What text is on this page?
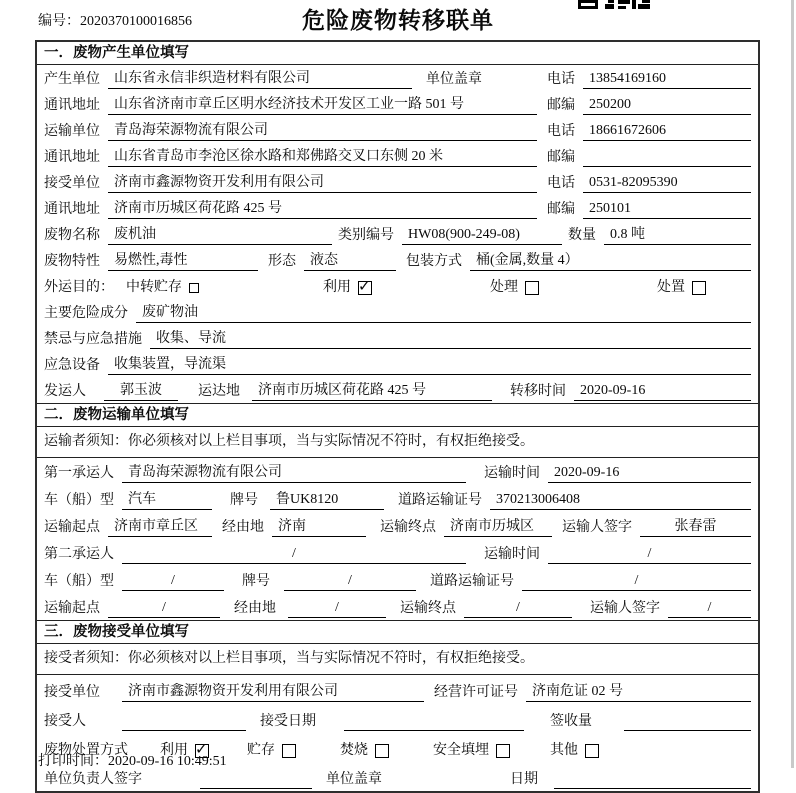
编号：2020370100016856	危险废物转移联单
一．废物产生单位填写
产生单位	山东省永信非织造材料有限公司	单位盖章	电话	13854169160
通讯地址	山东省济南市章丘区明水经济技术开发区工业一路 501 号	邮编	250200
运输单位	青岛海荣源物流有限公司	电话	18661672606
通讯地址	山东省青岛市李沧区徐水路和郑佛路交叉口东侧 20 米	邮编
接受单位	济南市鑫源物资开发利用有限公司	电话	0531-82095390
通讯地址	济南市历城区荷花路 425 号	邮编	250101
废物名称	废机油	类别编号	HW08(900-249-08)	数量	0.8 吨
废物特性	易燃性,毒性	形态	液态	包装方式	桶(金属,数量 4）
外运目的： 中转贮存	利用 ✓	处理	处置
主要危险成分	废矿物油
禁忌与应急措施	收集、导流
应急设备	收集装置，导流渠
发运人	郭玉波	运达地	济南市历城区荷花路 425 号	转移时间	2020-09-16
二．废物运输单位填写
运输者须知：你必须核对以上栏目事项，当与实际情况不符时，有权拒绝接受。
第一承运人	青岛海荣源物流有限公司	运输时间	2020-09-16
车（船）型	汽车	牌号	鲁UK8120	道路运输证号	370213006408
运输起点	济南市章丘区	经由地	济南	运输终点	济南市历城区	运输人签字	张春雷
第二承运人	/	运输时间	/
车（船）型	/	牌号	/	道路运输证号	/
运输起点	/	经由地	/	运输终点	/	运输人签字	/
三．废物接受单位填写
接受者须知：你必须核对以上栏目事项，当与实际情况不符时，有权拒绝接受。
接受单位	济南市鑫源物资开发利用有限公司	经营许可证号	济南危证 02 号
接受人	接受日期	签收量
废物处置方式 利用 ✓	贮存	焚烧	安全填埋	其他
单位负责人签字	单位盖章	日期
打印时间：2020-09-16 10:49:51
